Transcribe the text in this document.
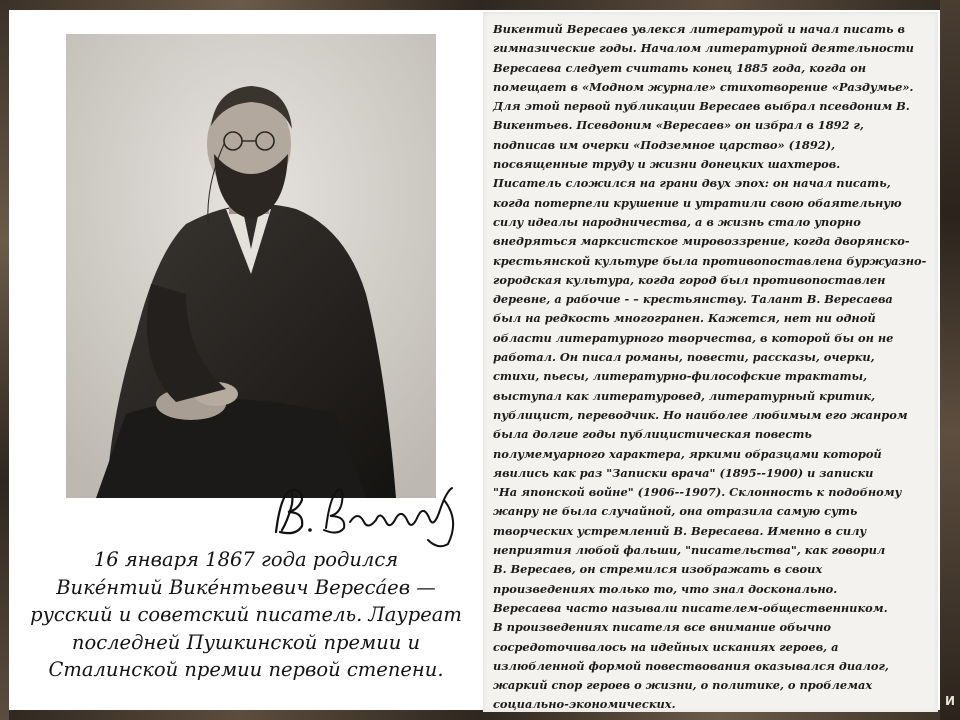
И
16 января 1867 года родился
Вике́нтий Вике́нтьевич Вереса́ев —
русский и советский писатель. Лауреат
последней Пушкинской премии и
Сталинской премии первой степени.
Викентий Вересаев увлекся литературой и начал писать в
гимназические годы. Началом литературной деятельности
Вересаева следует считать конец 1885 года, когда он
помещает в «Модном журнале» стихотворение «Раздумье».
Для этой первой публикации Вересаев выбрал псевдоним В.
Викентьев. Псевдоним «Вересаев» он избрал в 1892 г,
подписав им очерки «Подземное царство» (1892),
посвященные труду и жизни донецких шахтеров.
Писатель сложился на грани двух эпох: он начал писать,
когда потерпели крушение и утратили свою обаятельную
силу идеалы народничества, а в жизнь стало упорно
внедряться марксистское мировоззрение, когда дворянско-
крестьянской культуре была противопоставлена буржуазно-
городская культура, когда город был противопоставлен
деревне, а рабочие - – крестьянству. Талант В. Вересаева
был на редкость многогранен. Кажется, нет ни одной
области литературного творчества, в которой бы он не
работал. Он писал романы, повести, рассказы, очерки,
стихи, пьесы, литературно-философские трактаты,
выступал как литературовед, литературный критик,
публицист, переводчик. Но наиболее любимым его жанром
была долгие годы публицистическая повесть
полумемуарного характера, яркими образцами которой
явились как раз "Записки врача" (1895--1900) и записки
"На японской войне" (1906--1907). Склонность к подобному
жанру не была случайной, она отразила самую суть
творческих устремлений В. Вересаева. Именно в силу
неприятия любой фальши, "писательства", как говорил
В. Вересаев, он стремился изображать в своих
произведениях только то, что знал досконально.
Вересаева часто называли писателем-общественником.
В произведениях писателя все внимание обычно
сосредоточивалось на идейных исканиях героев, а
излюбленной формой повествования оказывался диалог,
жаркий спор героев о жизни, о политике, о проблемах
социально-экономических.
